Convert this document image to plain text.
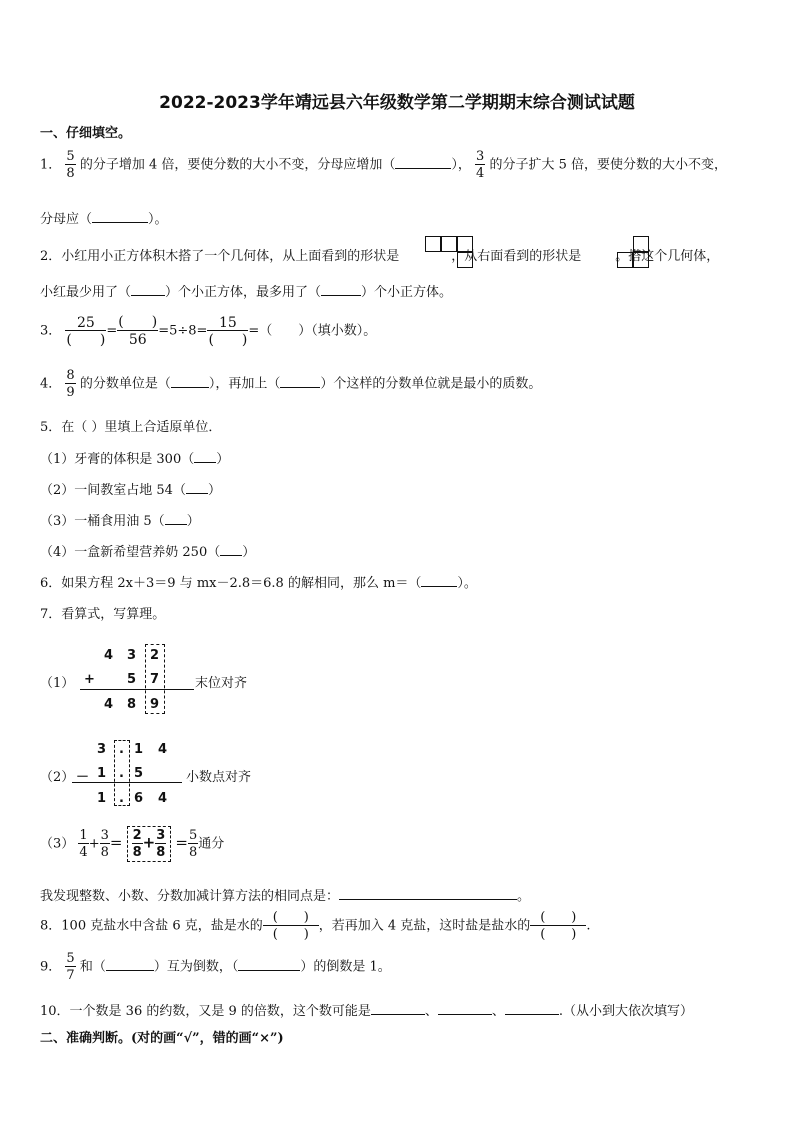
2022-2023学年靖远县六年级数学第二学期期末综合测试试题
一、仔细填空。
1． $\frac{5}{8}$ 的分子增加 4 倍，要使分数的大小不变，分母应增加（	）， $\frac{3}{4}$ 的分子扩大 5 倍，要使分数的大小不变，
分母应（	）。
2．小红用小正方体积木搭了一个几何体，从上面看到的形状是	，从右面看到的形状是	。搭这个几何体，
小红最少用了（	）个小正方体，最多用了（	）个小正方体。
3． $\frac{25}{( )} = \frac{( )}{56} =5\div 8= \frac{15}{( )}$ =（　　）（填小数）。
4． $\frac{8}{9}$ 的分数单位是（	），再加上（	）个这样的分数单位就是最小的质数。
5．在（ ）里填上合适原单位．
（1）牙膏的体积是 300（ ）
（2）一间教室占地 54（ ）
（3）一桶食用油 5（ ）
（4）一盒新希望营养奶 250（ ）
6．如果方程 2x＋3＝9 与 mx－2.8＝6.8 的解相同，那么 m＝（	）。
7．看算式，写算理。
（1）
4 3 2
+ 5 7
4 8 9
末位对齐
（2）
3 . 1 4
－ 1 . 5
1 . 6 4
小数点对齐
$(3) \frac{1}{4} + \frac{3}{8} = \frac{2}{8} + \frac{3}{8} = \frac{5}{8}$ 通分
我发现整数、小数、分数加减计算方法的相同点是：	。
8．100 克盐水中含盐 6 克，盐是水的 $\frac{( )}{( )}$ ，若再加入 4 克盐，这时盐是盐水的 $\frac{( )}{( )}$ .
9． $\frac{5}{7}$ 和（	）互为倒数，（	）的倒数是 1。
10．一个数是 36 的约数，又是 9 的倍数，这个数可能是	、	、	.（从小到大依次填写）
二、准确判断。(对的画“√”，错的画“×”)
